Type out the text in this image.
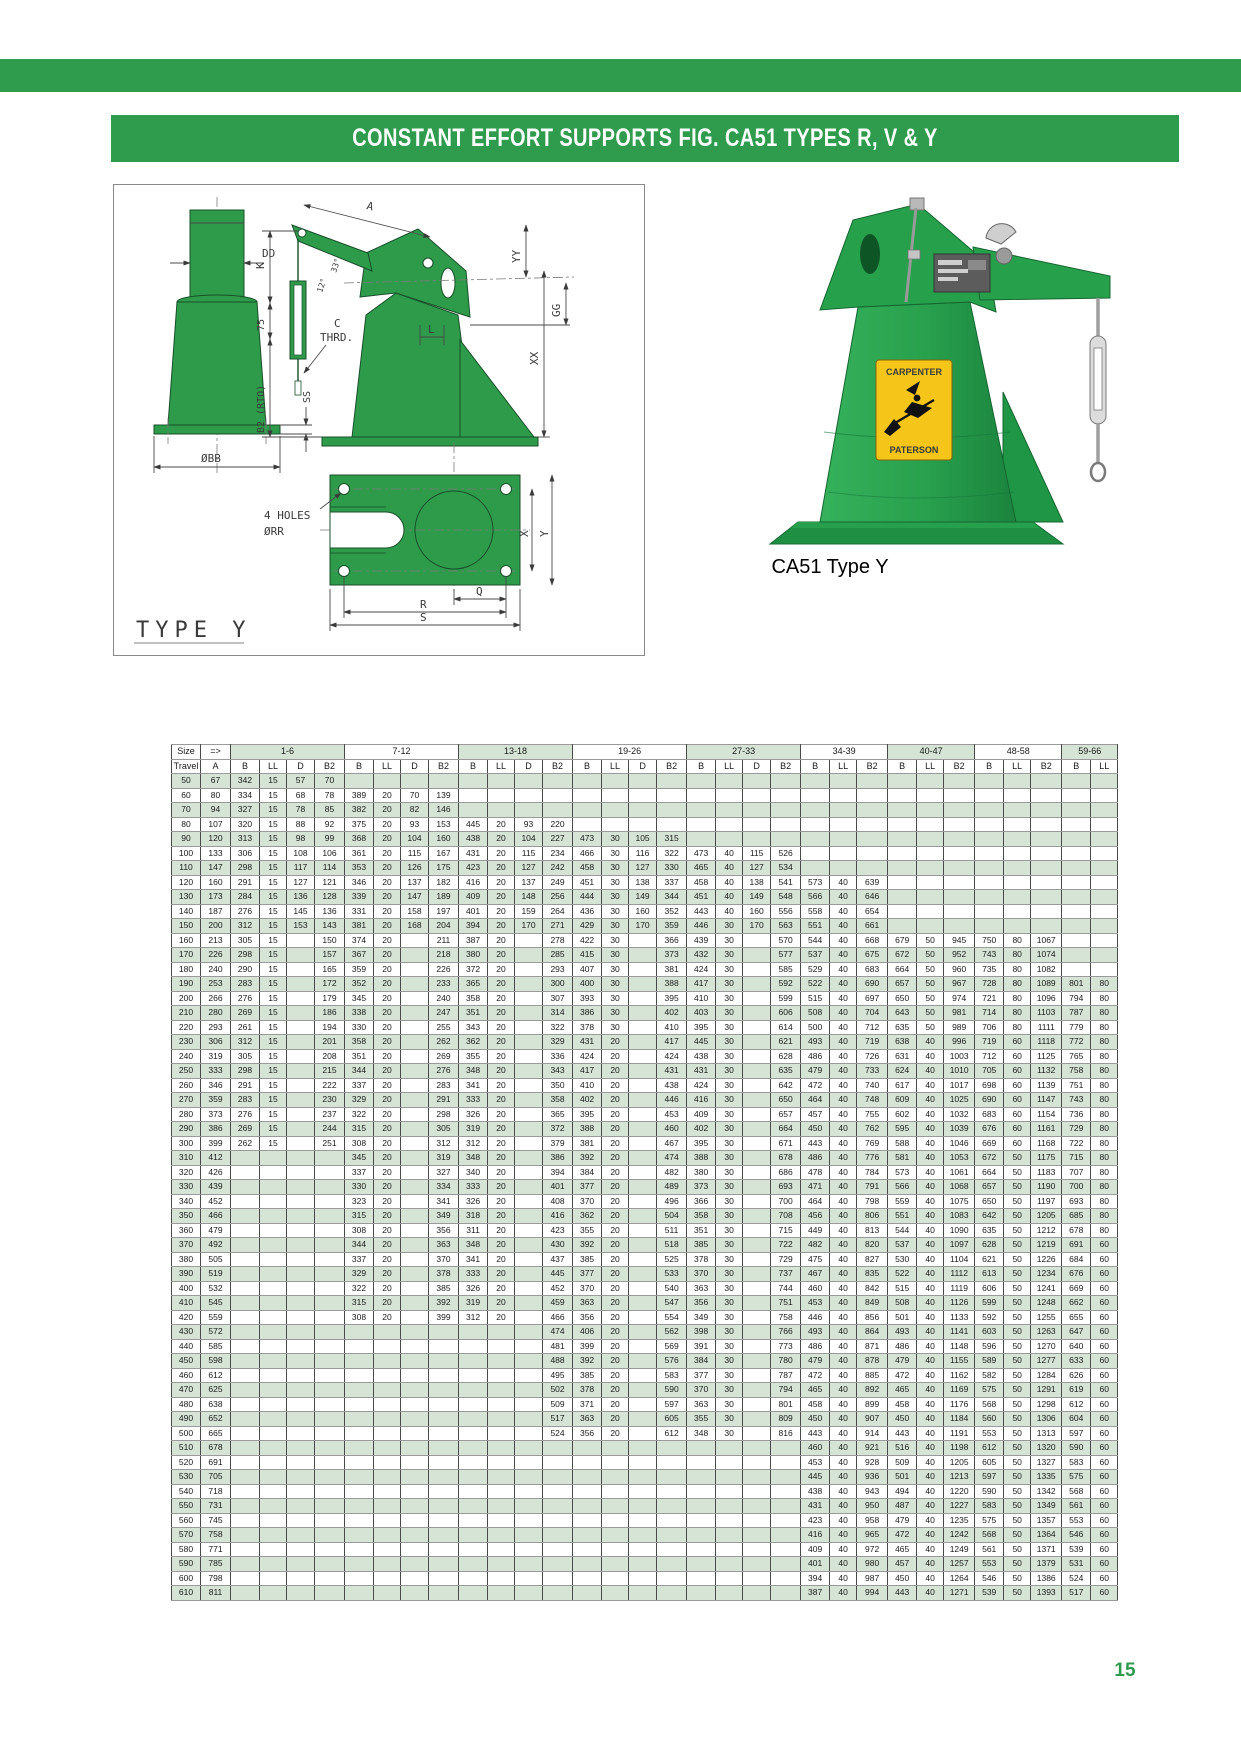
CONSTANT EFFORT SUPPORTS FIG. CA51 TYPES R, V & Y
DD
ØBB
SS
C
THRD.
A
K
75
B2 (RTO)
L
XX
YY
GG
12°
33°
4 HOLES
ØRR	X Y
Q
R
S
TYPE Y
CARPENTER
PATERSON
CA51 Type Y
Size	=>	1-6				7-12				13-18				19-26				27-33				34-39			40-47			48-58			59-66	
Travel	A	B	LL	D	B2	B	LL	D	B2	B	LL	D	B2	B	LL	D	B2	B	LL	D	B2	B	LL	B2	B	LL	B2	B	LL	B2	B	LL
50	67	342	15	57	70																											
60	80	334	15	68	78	389	20	70	139																							
70	94	327	15	78	85	382	20	82	146																							
80	107	320	15	88	92	375	20	93	153	445	20	93	220																			
90	120	313	15	98	99	368	20	104	160	438	20	104	227	473	30	105	315															
100	133	306	15	108	106	361	20	115	167	431	20	115	234	466	30	116	322	473	40	115	526											
110	147	298	15	117	114	353	20	126	175	423	20	127	242	458	30	127	330	465	40	127	534											
120	160	291	15	127	121	346	20	137	182	416	20	137	249	451	30	138	337	458	40	138	541	573	40	639								
130	173	284	15	136	128	339	20	147	189	409	20	148	256	444	30	149	344	451	40	149	548	566	40	646								
140	187	276	15	145	136	331	20	158	197	401	20	159	264	436	30	160	352	443	40	160	556	558	40	654								
150	200	312	15	153	143	381	20	168	204	394	20	170	271	429	30	170	359	446	30	170	563	551	40	661								
160	213	305	15		150	374	20		211	387	20		278	422	30		366	439	30		570	544	40	668	679	50	945	750	80	1067		
170	226	298	15		157	367	20		218	380	20		285	415	30		373	432	30		577	537	40	675	672	50	952	743	80	1074		
180	240	290	15		165	359	20		226	372	20		293	407	30		381	424	30		585	529	40	683	664	50	960	735	80	1082		
190	253	283	15		172	352	20		233	365	20		300	400	30		388	417	30		592	522	40	690	657	50	967	728	80	1089	801	80
200	266	276	15		179	345	20		240	358	20		307	393	30		395	410	30		599	515	40	697	650	50	974	721	80	1096	794	80
210	280	269	15		186	338	20		247	351	20		314	386	30		402	403	30		606	508	40	704	643	50	981	714	80	1103	787	80
220	293	261	15		194	330	20		255	343	20		322	378	30		410	395	30		614	500	40	712	635	50	989	706	80	1111	779	80
230	306	312	15		201	358	20		262	362	20		329	431	20		417	445	30		621	493	40	719	638	40	996	719	60	1118	772	80
240	319	305	15		208	351	20		269	355	20		336	424	20		424	438	30		628	486	40	726	631	40	1003	712	60	1125	765	80
250	333	298	15		215	344	20		276	348	20		343	417	20		431	431	30		635	479	40	733	624	40	1010	705	60	1132	758	80
260	346	291	15		222	337	20		283	341	20		350	410	20		438	424	30		642	472	40	740	617	40	1017	698	60	1139	751	80
270	359	283	15		230	329	20		291	333	20		358	402	20		446	416	30		650	464	40	748	609	40	1025	690	60	1147	743	80
280	373	276	15		237	322	20		298	326	20		365	395	20		453	409	30		657	457	40	755	602	40	1032	683	60	1154	736	80
290	386	269	15		244	315	20		305	319	20		372	388	20		460	402	30		664	450	40	762	595	40	1039	676	60	1161	729	80
300	399	262	15		251	308	20		312	312	20		379	381	20		467	395	30		671	443	40	769	588	40	1046	669	60	1168	722	80
310	412					345	20		319	348	20		386	392	20		474	388	30		678	486	40	776	581	40	1053	672	50	1175	715	80
320	426					337	20		327	340	20		394	384	20		482	380	30		686	478	40	784	573	40	1061	664	50	1183	707	80
330	439					330	20		334	333	20		401	377	20		489	373	30		693	471	40	791	566	40	1068	657	50	1190	700	80
340	452					323	20		341	326	20		408	370	20		496	366	30		700	464	40	798	559	40	1075	650	50	1197	693	80
350	466					315	20		349	318	20		416	362	20		504	358	30		708	456	40	806	551	40	1083	642	50	1205	685	80
360	479					308	20		356	311	20		423	355	20		511	351	30		715	449	40	813	544	40	1090	635	50	1212	678	80
370	492					344	20		363	348	20		430	392	20		518	385	30		722	482	40	820	537	40	1097	628	50	1219	691	60
380	505					337	20		370	341	20		437	385	20		525	378	30		729	475	40	827	530	40	1104	621	50	1226	684	60
390	519					329	20		378	333	20		445	377	20		533	370	30		737	467	40	835	522	40	1112	613	50	1234	676	60
400	532					322	20		385	326	20		452	370	20		540	363	30		744	460	40	842	515	40	1119	606	50	1241	669	60
410	545					315	20		392	319	20		459	363	20		547	356	30		751	453	40	849	508	40	1126	599	50	1248	662	60
420	559					308	20		399	312	20		466	356	20		554	349	30		758	446	40	856	501	40	1133	592	50	1255	655	60
430	572												474	406	20		562	398	30		766	493	40	864	493	40	1141	603	50	1263	647	60
440	585												481	399	20		569	391	30		773	486	40	871	486	40	1148	596	50	1270	640	60
450	598												488	392	20		576	384	30		780	479	40	878	479	40	1155	589	50	1277	633	60
460	612												495	385	20		583	377	30		787	472	40	885	472	40	1162	582	50	1284	626	60
470	625												502	378	20		590	370	30		794	465	40	892	465	40	1169	575	50	1291	619	60
480	638												509	371	20		597	363	30		801	458	40	899	458	40	1176	568	50	1298	612	60
490	652												517	363	20		605	355	30		809	450	40	907	450	40	1184	560	50	1306	604	60
500	665												524	356	20		612	348	30		816	443	40	914	443	40	1191	553	50	1313	597	60
510	678																					460	40	921	516	40	1198	612	50	1320	590	60
520	691																					453	40	928	509	40	1205	605	50	1327	583	60
530	705																					445	40	936	501	40	1213	597	50	1335	575	60
540	718																					438	40	943	494	40	1220	590	50	1342	568	60
550	731																					431	40	950	487	40	1227	583	50	1349	561	60
560	745																					423	40	958	479	40	1235	575	50	1357	553	60
570	758																					416	40	965	472	40	1242	568	50	1364	546	60
580	771																					409	40	972	465	40	1249	561	50	1371	539	60
590	785																					401	40	980	457	40	1257	553	50	1379	531	60
600	798																					394	40	987	450	40	1264	546	50	1386	524	60
610	811																					387	40	994	443	40	1271	539	50	1393	517	60
15
